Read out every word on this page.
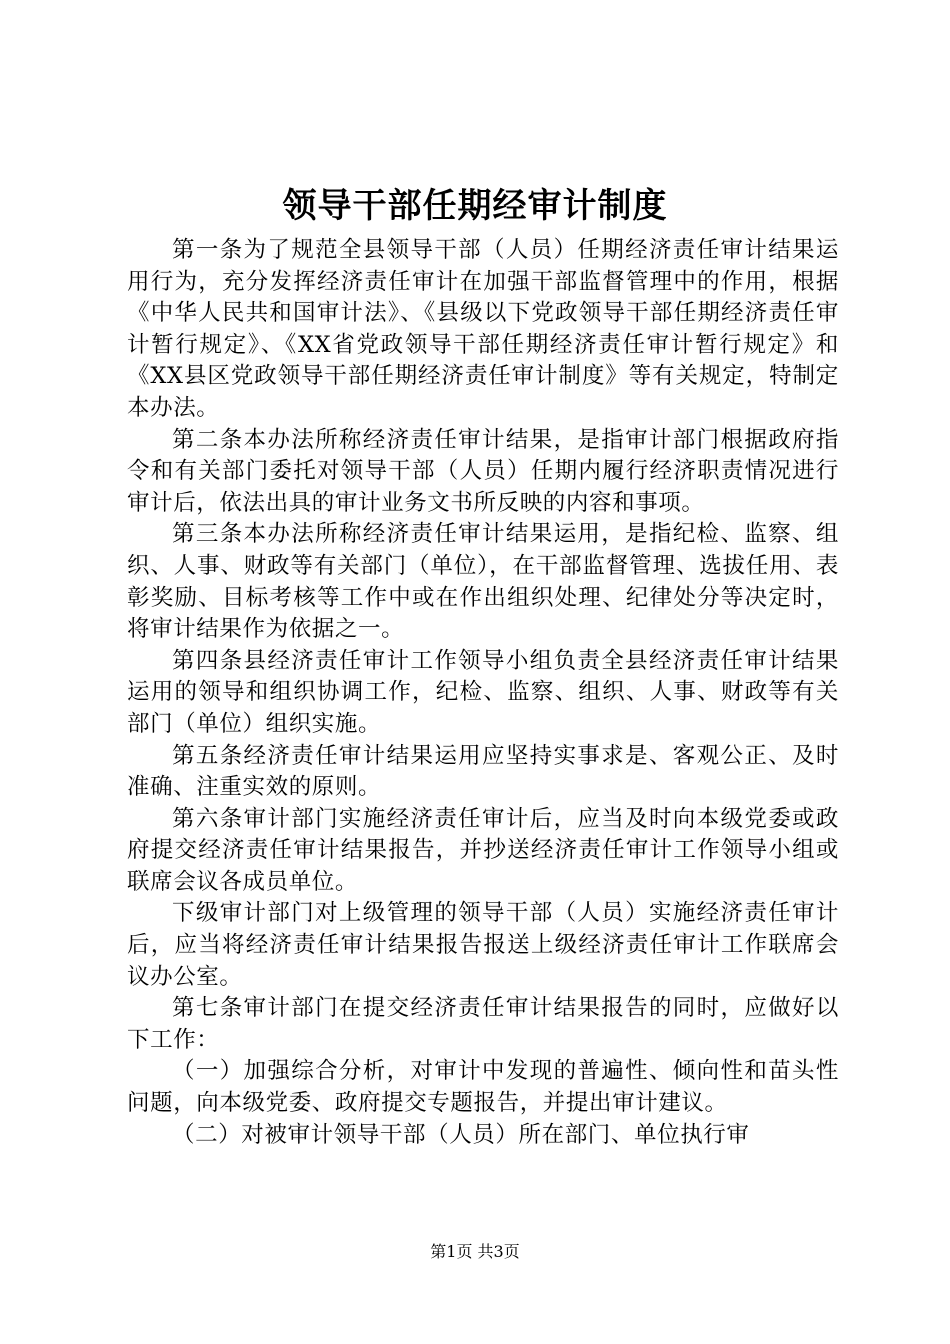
领导干部任期经审计制度

第一条为了规范全县领导干部（人员）任期经济责任审计结果运用行为，充分发挥经济责任审计在加强干部监督管理中的作用，根据《中华人民共和国审计法》、《县级以下党政领导干部任期经济责任审计暂行规定》、《XX省党政领导干部任期经济责任审计暂行规定》和《XX县区党政领导干部任期经济责任审计制度》等有关规定，特制定本办法。

第二条本办法所称经济责任审计结果，是指审计部门根据政府指令和有关部门委托对领导干部（人员）任期内履行经济职责情况进行审计后，依法出具的审计业务文书所反映的内容和事项。

第三条本办法所称经济责任审计结果运用，是指纪检、监察、组织、人事、财政等有关部门（单位），在干部监督管理、选拔任用、表彰奖励、目标考核等工作中或在作出组织处理、纪律处分等决定时，将审计结果作为依据之一。

第四条县经济责任审计工作领导小组负责全县经济责任审计结果运用的领导和组织协调工作，纪检、监察、组织、人事、财政等有关部门（单位）组织实施。

第五条经济责任审计结果运用应坚持实事求是、客观公正、及时准确、注重实效的原则。

第六条审计部门实施经济责任审计后，应当及时向本级党委或政府提交经济责任审计结果报告，并抄送经济责任审计工作领导小组或联席会议各成员单位。

下级审计部门对上级管理的领导干部（人员）实施经济责任审计后，应当将经济责任审计结果报告报送上级经济责任审计工作联席会议办公室。

第七条审计部门在提交经济责任审计结果报告的同时，应做好以下工作：

（一）加强综合分析，对审计中发现的普遍性、倾向性和苗头性问题，向本级党委、政府提交专题报告，并提出审计建议。

（二）对被审计领导干部（人员）所在部门、单位执行审

第1页 共3页
